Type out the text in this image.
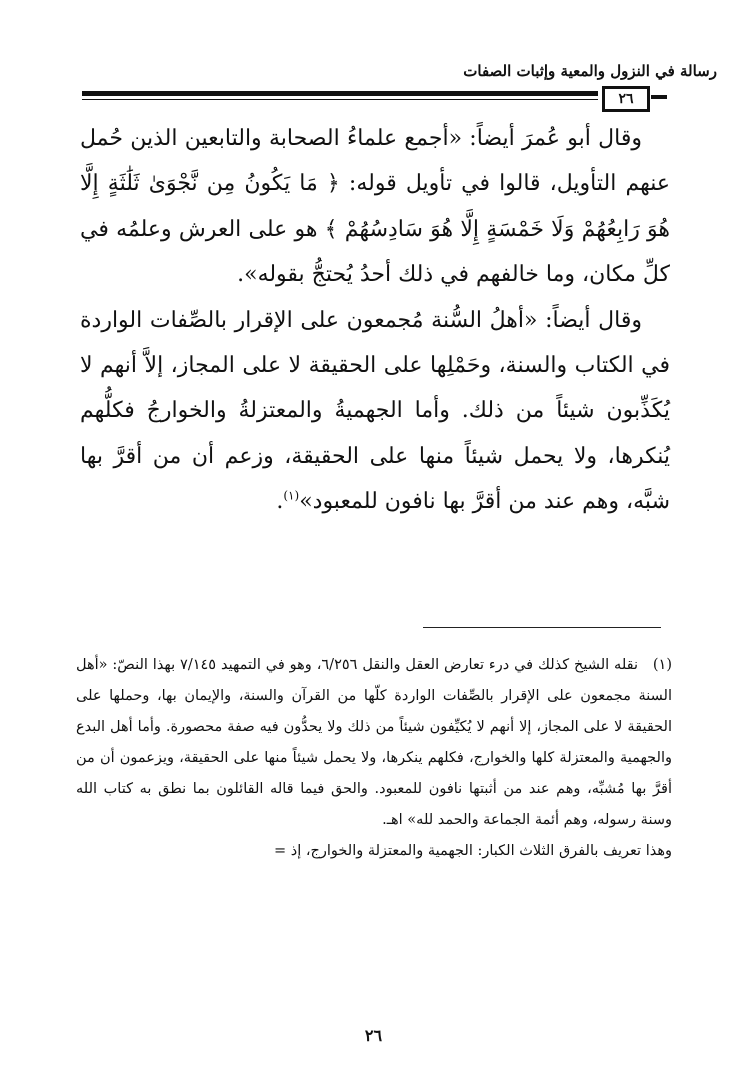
رسالة في النزول والمعية وإثبات الصفات
٢٦

وقال أبو عُمرَ أيضاً: «أجمع علماءُ الصحابة والتابعين الذين حُمل عنهم التأويل، قالوا في تأويل قوله: ﴿ مَا يَكُونُ مِن نَّجْوَىٰ ثَلَٰثَةٍ إِلَّا هُوَ رَابِعُهُمْ وَلَا خَمْسَةٍ إِلَّا هُوَ سَادِسُهُمْ ﴾ هو على العرش وعلمُه في كلِّ مكان، وما خالفهم في ذلك أحدُ يُحتجُّ بقوله».

وقال أيضاً: «أهلُ السُّنة مُجمعون على الإقرار بالصِّفات الواردة في الكتاب والسنة، وحَمْلِها على الحقيقة لا على المجاز، إلاَّ أنهم لا يُكَذِّبون شيئاً من ذلك. وأما الجهميةُ والمعتزلةُ والخوارجُ فكلُّهم يُنكرها، ولا يحمل شيئاً منها على الحقيقة، وزعم أن من أقرَّ بها شبَّه، وهم عند من أقرَّ بها نافون للمعبود»$^{(١)}$.

(١)نقله الشيخ كذلك في درء تعارض العقل والنقل ٦/٢٥٦، وهو في التمهيد ٧/١٤٥ بهذا النصّ: «أهل السنة مجمعون على الإقرار بالصِّفات الواردة كلّها من القرآن والسنة، والإيمان بها، وحملها على الحقيقة لا على المجاز، إلا أنهم لا يُكيِّفون شيئاً من ذلك ولا يحدُّون فيه صفة محصورة. وأما أهل البدع والجهمية والمعتزلة كلها والخوارج، فكلهم ينكرها، ولا يحمل شيئاً منها على الحقيقة، ويزعمون أن من أقرَّ بها مُشبِّه، وهم عند من أثبتها نافون للمعبود. والحق فيما قاله القائلون بما نطق به كتاب الله وسنة رسوله، وهم أئمة الجماعة والحمد لله» اهـ.

وهذا تعريف بالفرق الثلاث الكبار: الجهمية والمعتزلة والخوارج، إذ =

٢٦
